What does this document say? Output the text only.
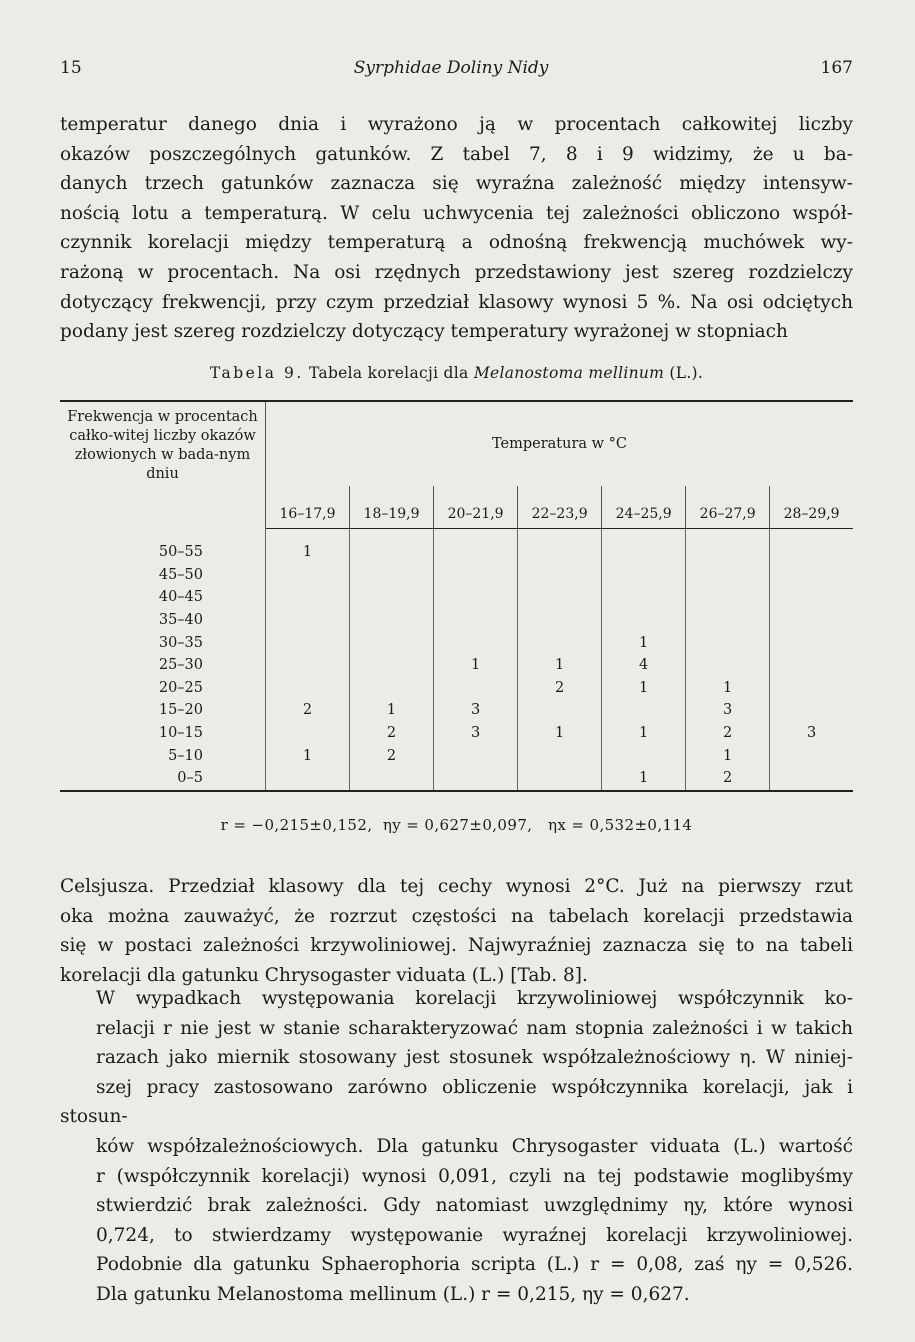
15	Syrphidae Doliny Nidy	167
temperatur danego dnia i wyrażono ją w procentach całkowitej liczby
okazów poszczególnych gatunków. Z tabel 7, 8 i 9 widzimy, że u ba-
danych trzech gatunków zaznacza się wyraźna zależność między intensyw-
nością lotu a temperaturą. W celu uchwycenia tej zależności obliczono współ-
czynnik korelacji między temperaturą a odnośną frekwencją muchówek wy-
rażoną w procentach. Na osi rzędnych przedstawiony jest szereg rozdzielczy
dotyczący frekwencji, przy czym przedział klasowy wynosi 5 %. Na osi odciętych
podany jest szereg rozdzielczy dotyczący temperatury wyrażonej w stopniach
Tabela 9. Tabela korelacji dla Melanostoma mellinum (L.).
Frekwencja w procentach całko-witej liczby okazów złowionych w bada-nym dniu	Temperatura w °C						
	16–17,9	18–19,9	20–21,9	22–23,9	24–25,9	26–27,9	28–29,9
50–55	1						
45–50							
40–45							
35–40							
30–35					1		
25–30			1	1	4		
20–25				2	1	1	
15–20	2	1	3			3	
10–15		2	3	1	1	2	3
5–10	1	2				1	
0–5					1	2	
r = −0,215±0,152, ηy = 0,627±0,097, ηx = 0,532±0,114
Celsjusza. Przedział klasowy dla tej cechy wynosi 2°C. Już na pierwszy rzut
oka można zauważyć, że rozrzut częstości na tabelach korelacji przedstawia
się w postaci zależności krzywoliniowej. Najwyraźniej zaznacza się to na tabeli
korelacji dla gatunku Chrysogaster viduata (L.) [Tab. 8].
W wypadkach występowania korelacji krzywoliniowej współczynnik ko-
relacji r nie jest w stanie scharakteryzować nam stopnia zależności i w takich
razach jako miernik stosowany jest stosunek współzależnościowy η. W niniej-
szej pracy zastosowano zarówno obliczenie współczynnika korelacji, jak i stosun-
ków współzależnościowych. Dla gatunku Chrysogaster viduata (L.) wartość
r (współczynnik korelacji) wynosi 0,091, czyli na tej podstawie moglibyśmy
stwierdzić brak zależności. Gdy natomiast uwzględnimy ηy, które wynosi
0,724, to stwierdzamy występowanie wyraźnej korelacji krzywoliniowej.
Podobnie dla gatunku Sphaerophoria scripta (L.) r = 0,08, zaś ηy = 0,526.
Dla gatunku Melanostoma mellinum (L.) r = 0,215, ηy = 0,627.
